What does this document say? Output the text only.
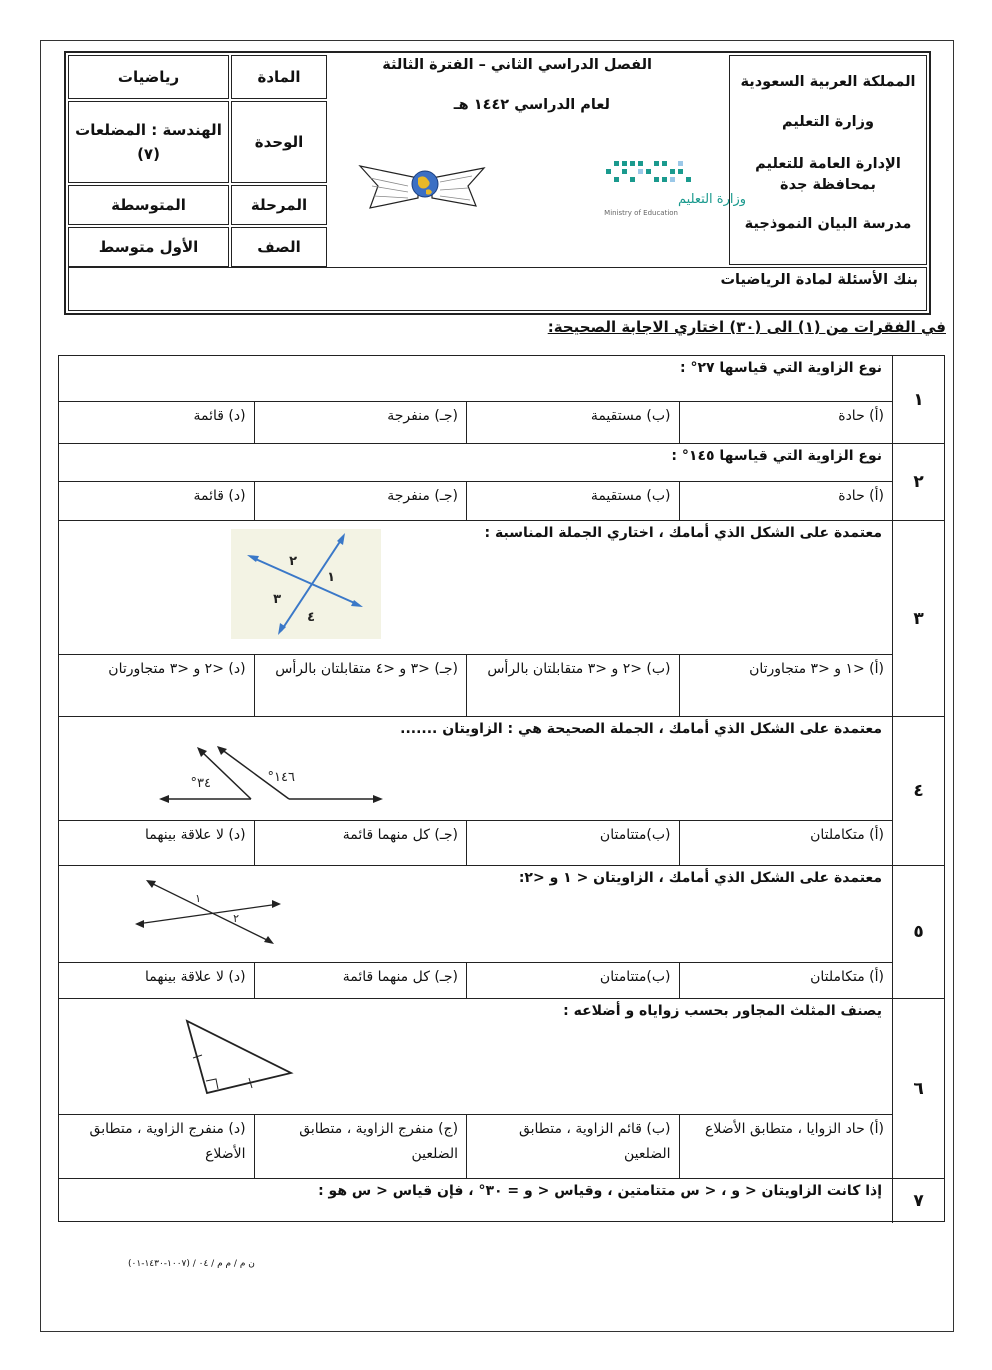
المملكة العربية السعودية
وزارة التعليم
الإدارة العامة للتعليم بمحافظة جدة
مدرسة البيان النموذجية
الفصل الدراسي الثاني – الفترة الثالثة
لعام الدراسي ١٤٤٢ هـ
وزارة التعليم
Ministry of Education
المادة
الوحدة
المرحلة
الصف
رياضيات
الهندسة : المضلعات
(٧)
المتوسطة
الأول متوسط
بنك الأسئلة لمادة الرياضيات
في الفقرات من (١) الى (٣٠) اختاري الاجابة الصحيحة:
١
نوع الزاوية التي قياسها ٢٧° :
(أ) حادة
(ب) مستقيمة
(جـ) منفرجة
(د) قائمة
٢
نوع الزاوية التي قياسها ١٤٥° :
(أ) حادة
(ب) مستقيمة
(جـ) منفرجة
(د) قائمة
٣
معتمدة على الشكل الذي أمامك ، اختاري الجملة المناسبة :
٢
١
٣
٤
(أ) <١ و <٣ متجاورتان
(ب) <٢ و <٣ متقابلتان بالرأس
(جـ) <٣ و <٤ متقابلتان بالرأس
(د) <٢ و <٣ متجاورتان
٤
معتمدة على الشكل الذي أمامك ، الجملة الصحيحة هي : الزاويتان .......
٣٤°	١٤٦°
(أ) متكاملتان
(ب)متتامتان
(جـ) كل منهما قائمة
(د) لا علاقة بينهما
٥
معتمدة على الشكل الذي أمامك ، الزاويتان < ١ و <٢:
١
٢
(أ) متكاملتان
(ب)متتامتان
(جـ) كل منهما قائمة
(د) لا علاقة بينهما
٦
يصنف المثلث المجاور بحسب زواياه و أضلاعه :
(أ) حاد الزوايا ، متطابق الأضلاع
(ب) قائم الزاوية ، متطابق الضلعين
(ج) منفرج الزاوية ، متطابق الضلعين
(د) منفرج الزاوية ، متطابق الأضلاع
٧
إذا كانت الزاويتان < و ، < س متتامتين ، وقياس < و = ٣٠° ، فإن قياس < س هو :
ن م / م م / ٠٤ / (١٠٠٧-١٤٣٠-٠١)
